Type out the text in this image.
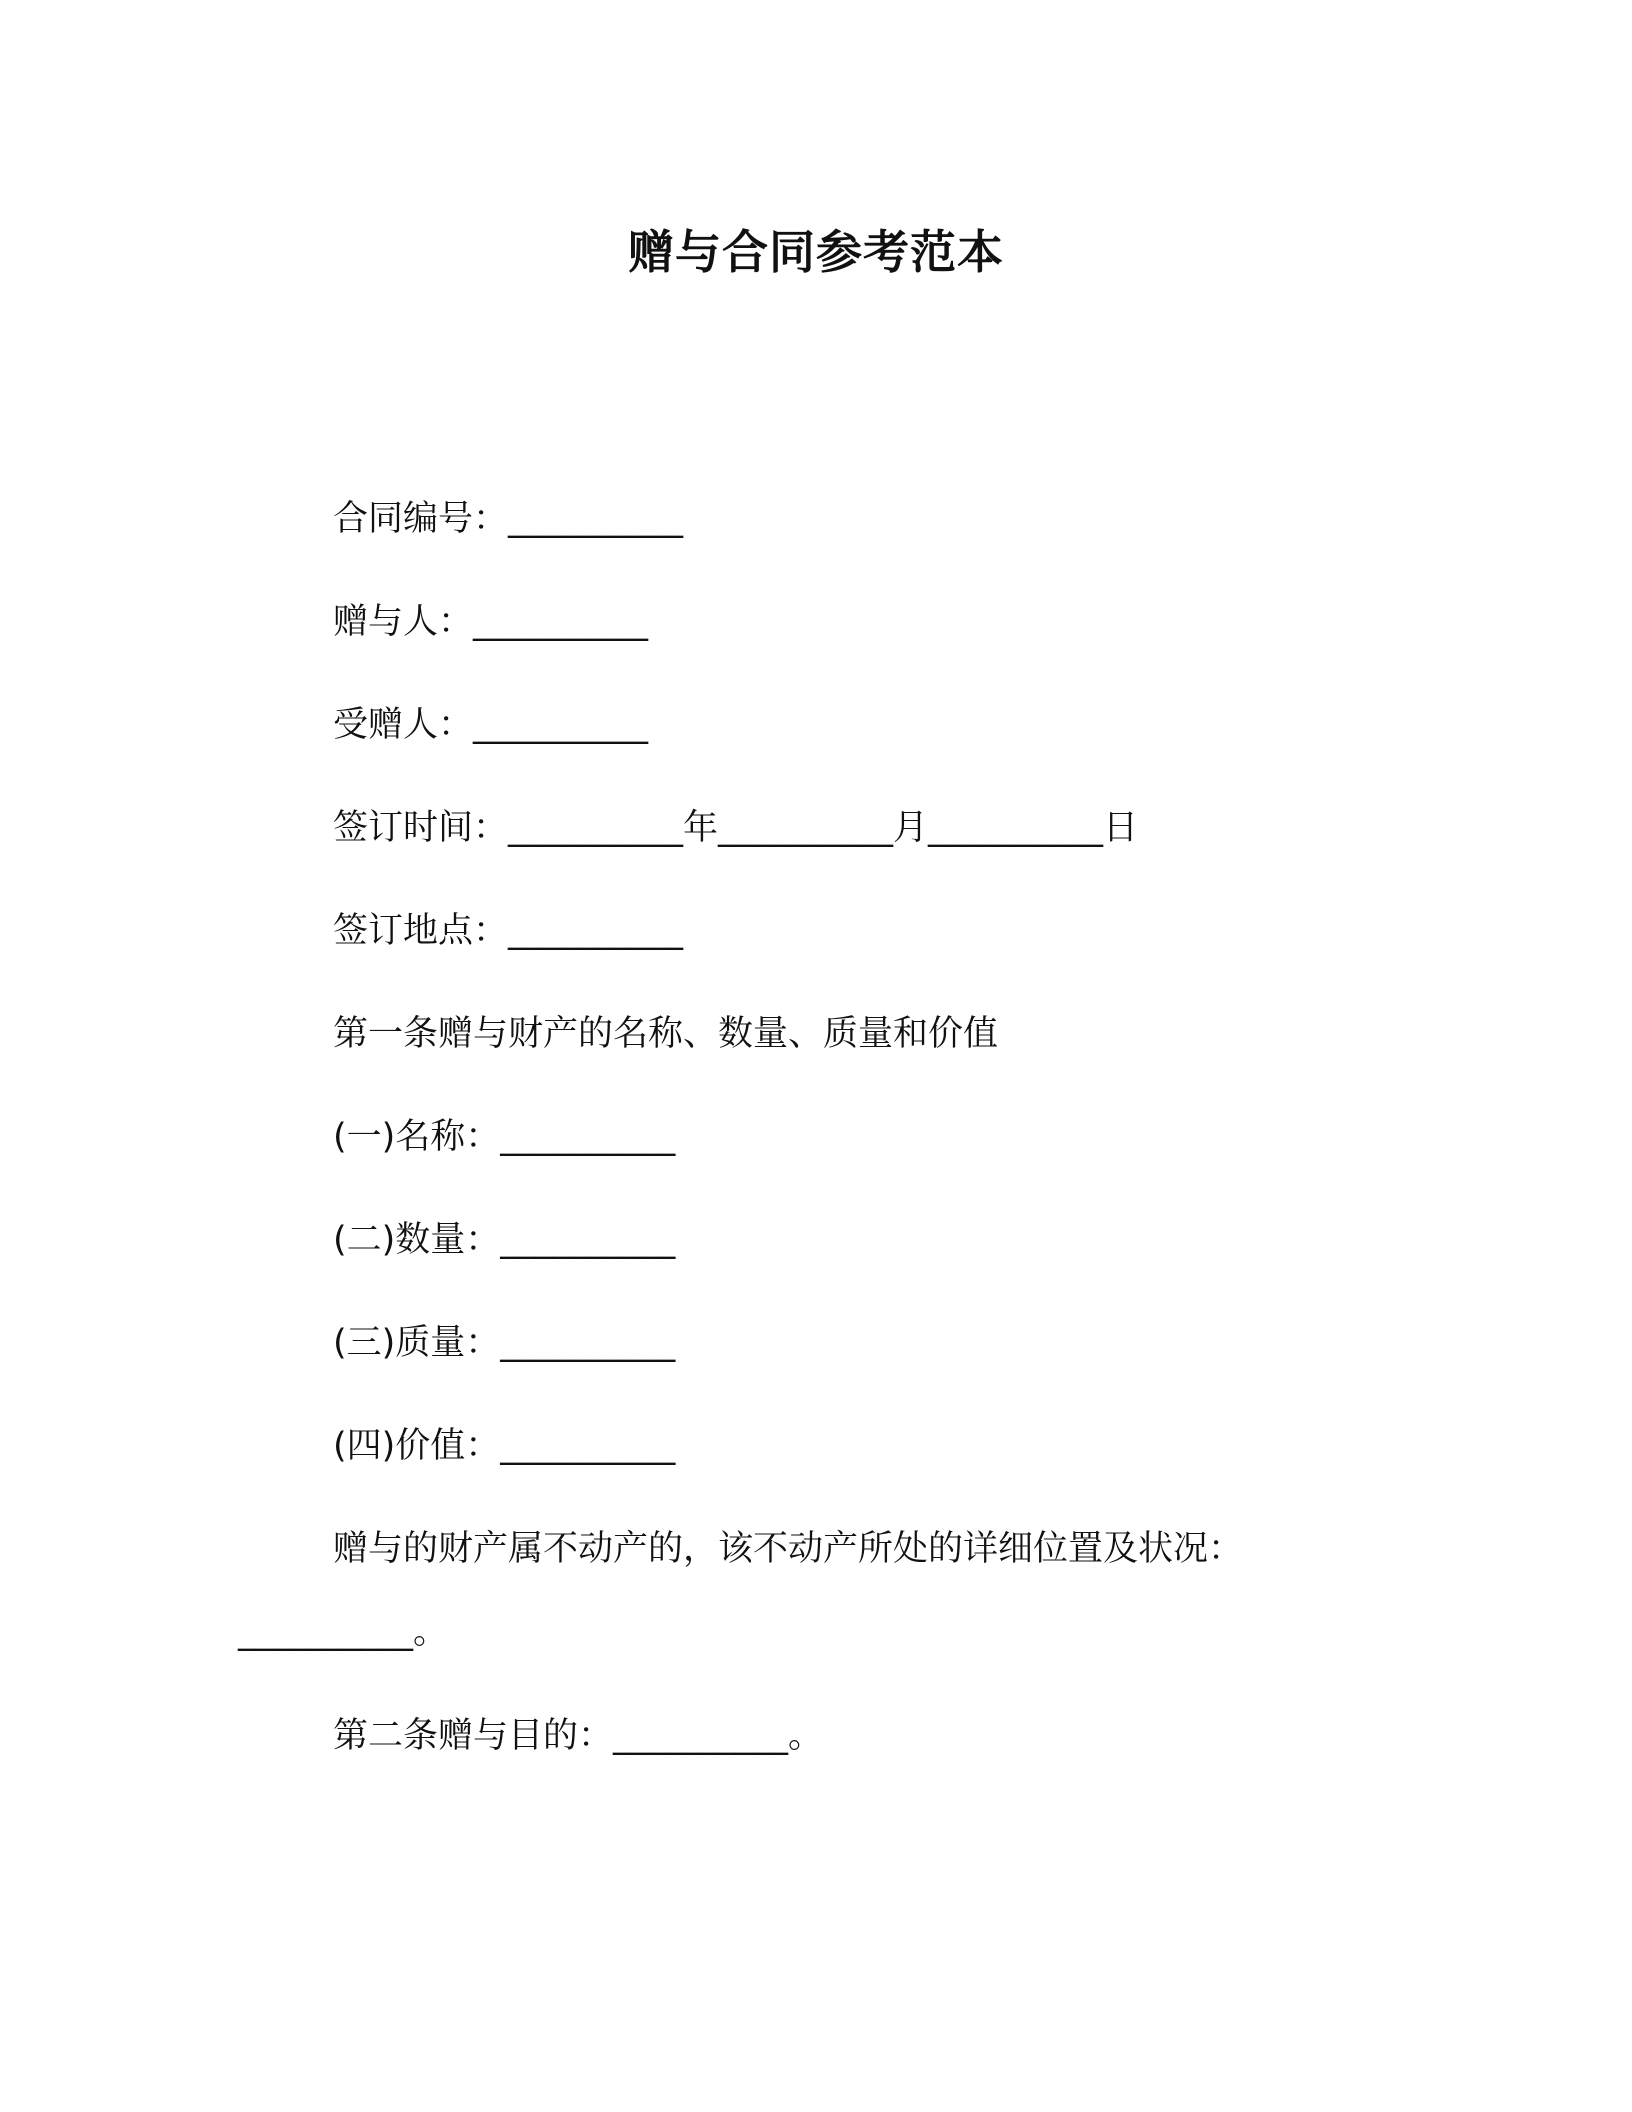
赠与合同参考范本
合同编号：__________
赠与人：__________
受赠人：__________
签订时间：__________年__________月__________日
签订地点：__________
第一条赠与财产的名称、数量、质量和价值
(一)名称：__________
(二)数量：__________
(三)质量：__________
(四)价值：__________
赠与的财产属不动产的，该不动产所处的详细位置及状况：
__________。
第二条赠与目的：__________。
